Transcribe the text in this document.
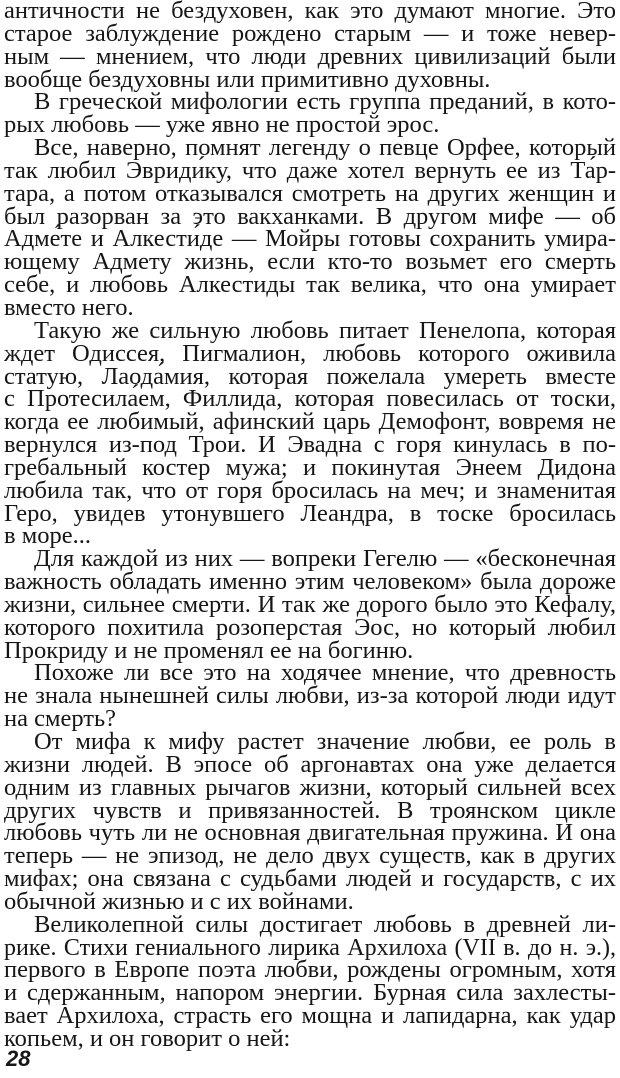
античности не бездуховен, как это думают многие. Это
старое заблуждение рождено старым — и тоже невер-
ным — мнением, что люди древних цивилизаций были
вообще бездуховны или примитивно духовны.
В греческой мифологии есть группа преданий, в кото-
рых любовь — уже явно не простой эрос.
Все, наверно, помнят легенду о певце Орфее, который
так любил Эвриди́ку, что даже хотел вернуть ее из Та́р-
тара, а потом отказывался смотреть на других женщин и
был разорван за это вакханками. В другом мифе — об
Адме́те и Алкести́де — Мойры готовы сохранить умира-
ющему Адмету жизнь, если кто-то возьмет его смерть
себе, и любовь Алкестиды так велика, что она умирает
вместо него.
Такую же сильную любовь питает Пенелопа, которая
ждет Одиссея, Пигмалион, любовь которого оживила
статую, Лаода́мия, которая пожелала умереть вместе
с Протесила́ем, Филлида, которая повесилась от тоски,
когда ее любимый, афинский царь Демофонт, вовремя не
вернулся из-под Трои. И Эвадна с горя кинулась в по-
гребальный костер мужа; и покинутая Энеем Дидона
любила так, что от горя бросилась на меч; и знаменитая
Геро, увидев утонувшего Леандра, в тоске бросилась
в море...
Для каждой из них — вопреки Гегелю — «бесконечная
важность обладать именно этим человеком» была дороже
жизни, сильнее смерти. И так же дорого было это Кефалу,
которого похитила розоперстая Эос, но который любил
Прокриду и не променял ее на богиню.
Похоже ли все это на ходячее мнение, что древность
не знала нынешней силы любви, из-за которой люди идут
на смерть?
От мифа к мифу растет значение любви, ее роль в
жизни людей. В эпосе об аргонавтах она уже делается
одним из главных рычагов жизни, который сильней всех
других чувств и привязанностей. В троянском цикле
любовь чуть ли не основная двигательная пружина. И она
теперь — не эпизод, не дело двух существ, как в других
мифах; она связана с судьбами людей и государств, с их
обычной жизнью и с их войнами.
Великолепной силы достигает любовь в древней ли-
рике. Стихи гениального лирика Архилоха (VII в. до н. э.),
первого в Европе поэта любви, рождены огромным, хотя
и сдержанным, напором энергии. Бурная сила захлесты-
вает Архилоха, страсть его мощна и лапидарна, как удар
копьем, и он говорит о ней:
28
